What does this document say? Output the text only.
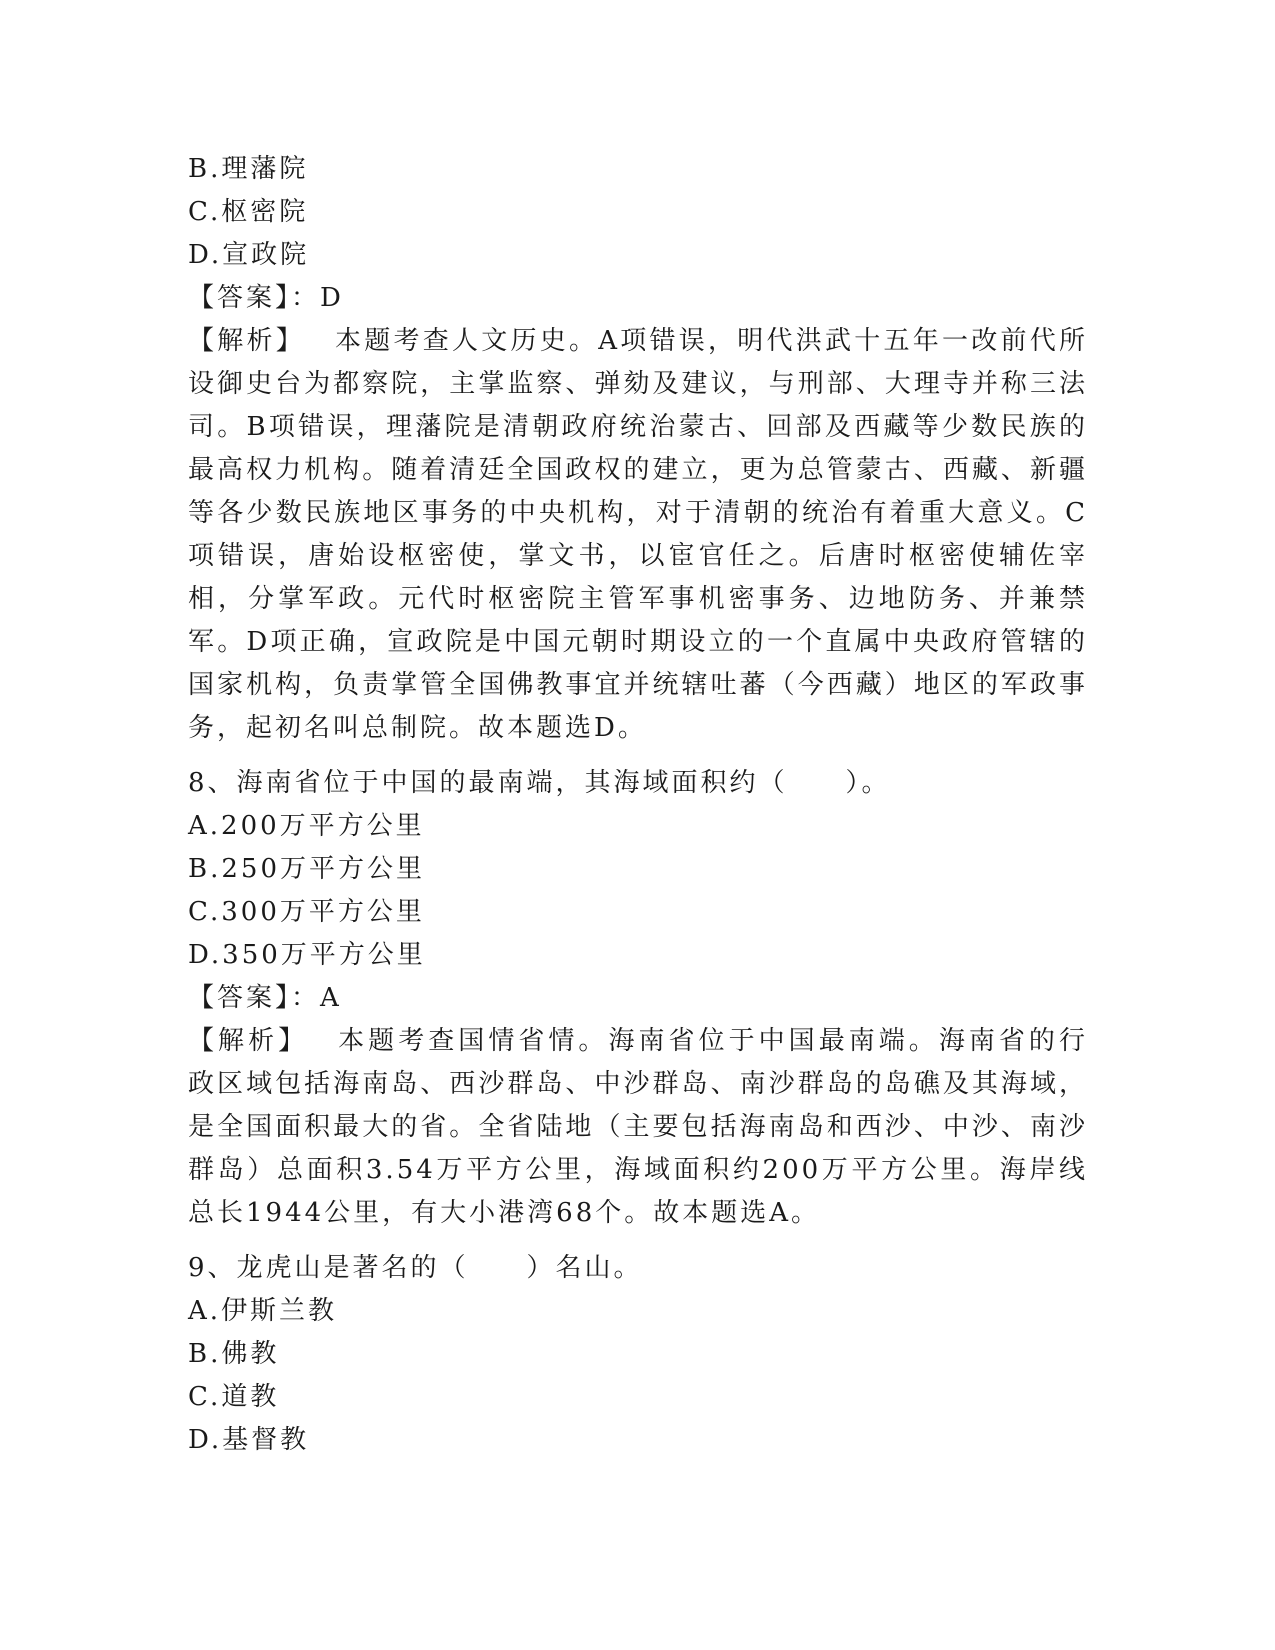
B.理藩院
C.枢密院
D.宣政院
【答案】：D

【解析】 本题考查人文历史。A项错误，明代洪武十五年一改前代所设御史台为都察院，主掌监察、弹劾及建议，与刑部、大理寺并称三法司。B项错误，理藩院是清朝政府统治蒙古、回部及西藏等少数民族的最高权力机构。随着清廷全国政权的建立，更为总管蒙古、西藏、新疆等各少数民族地区事务的中央机构，对于清朝的统治有着重大意义。C项错误，唐始设枢密使，掌文书，以宦官任之。后唐时枢密使辅佐宰相，分掌军政。元代时枢密院主管军事机密事务、边地防务、并兼禁军。D项正确，宣政院是中国元朝时期设立的一个直属中央政府管辖的国家机构，负责掌管全国佛教事宜并统辖吐蕃（今西藏）地区的军政事务，起初名叫总制院。故本题选D。

8、海南省位于中国的最南端，其海域面积约（　　）。
A.200万平方公里
B.250万平方公里
C.300万平方公里
D.350万平方公里
【答案】：A

【解析】 本题考查国情省情。海南省位于中国最南端。海南省的行政区域包括海南岛、西沙群岛、中沙群岛、南沙群岛的岛礁及其海域，是全国面积最大的省。全省陆地（主要包括海南岛和西沙、中沙、南沙群岛）总面积3.54万平方公里，海域面积约200万平方公里。海岸线总长1944公里，有大小港湾68个。故本题选A。

9、龙虎山是著名的（　　）名山。
A.伊斯兰教
B.佛教
C.道教
D.基督教
